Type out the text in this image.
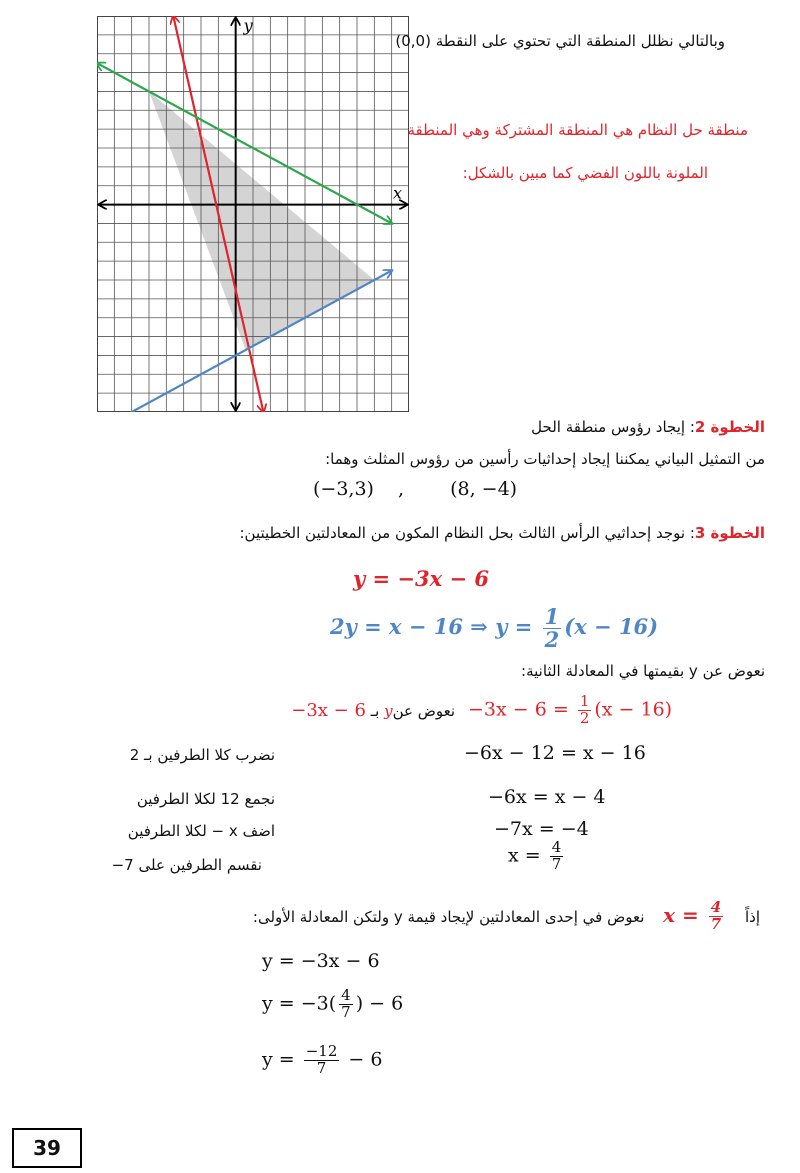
x
y
وبالتالي نظلل المنطقة التي تحتوي على النقطة (0,0)
منطقة حل النظام هي المنطقة المشتركة وهي المنطقة
الملونة باللون الفضي كما مبين بالشكل:
الخطوة 2: إيجاد رؤوس منطقة الحل
من التمثيل البياني يمكننا إيجاد إحداثيات رأسين من رؤوس المثلث وهما:
(−3,3) , (8, −4)
الخطوة 3: نوجد إحداثيي الرأس الثالث بحل النظام المكون من المعادلتين الخطيتين:
y = −3x − 6
2y = x − 16 ⇒ $y = \frac{1}{2} (x - 16)$
نعوض عن y بقيمتها في المعادلة الثانية:
نعوض عنy بـ −3x − 6	$-3x - 6 = \frac{1}{2} (x - 16)$
نضرب كلا الطرفين بـ 2	−6x − 12 = x − 16
نجمع 12 لكلا الطرفين	−6x = x − 4
اضف x − لكلا الطرفين	−7x = −4
نقسم الطرفين على 7−	$x = \frac{4}{7}$
إذاً $x = \frac{4}{7}$
نعوض في إحدى المعادلتين لإيجاد قيمة y ولتكن المعادلة الأولى:
y = −3x − 6
$y = -3( \frac{4}{7}$ ) − 6
$y = \frac{-12}{7} - 6$
39
